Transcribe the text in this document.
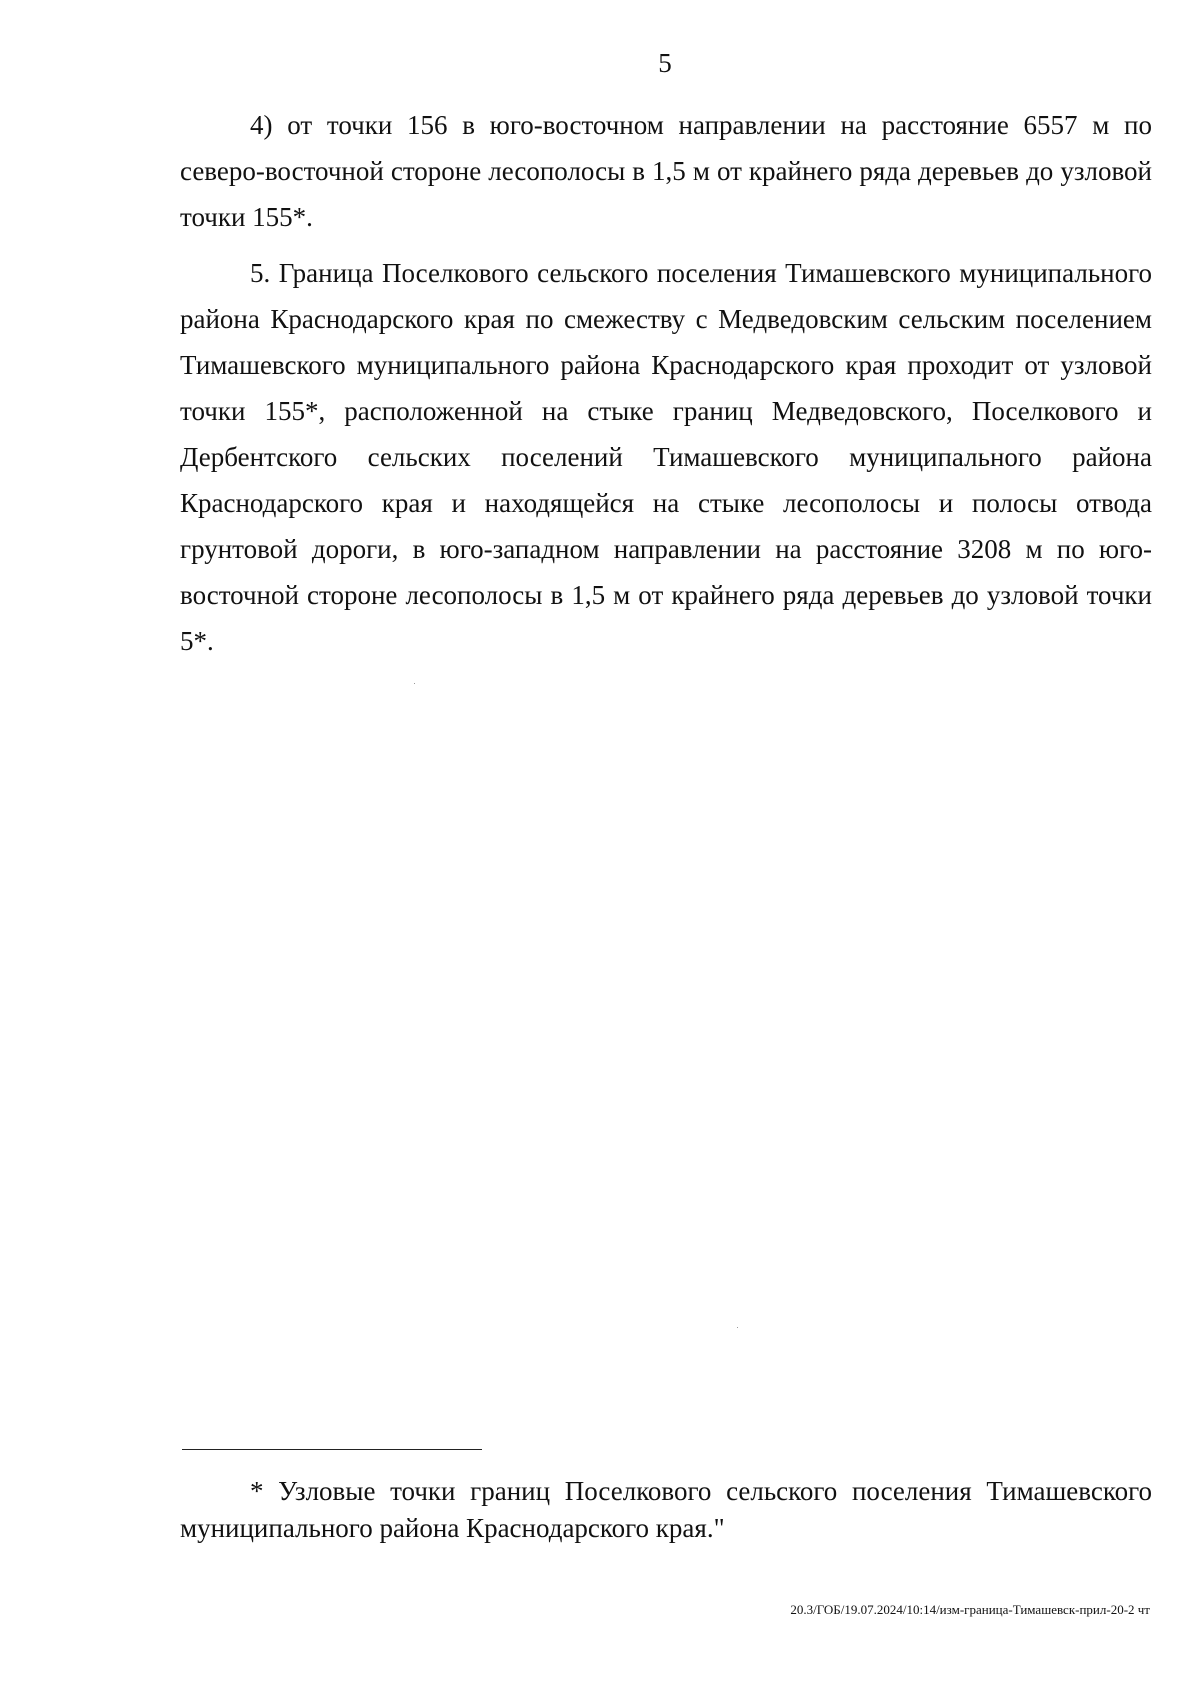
5

4) от точки 156 в юго-восточном направлении на расстояние 6557 м по северо-восточной стороне лесополосы в 1,5 м от крайнего ряда деревьев до узловой точки 155*.

5. Граница Поселкового сельского поселения Тимашевского муниципального района Краснодарского края по смежеству с Медведовским сельским поселением Тимашевского муниципального района Краснодарского края проходит от узловой точки 155*, расположенной на стыке границ Медведовского, Поселкового и Дербентского сельских поселений Тимашевского муниципального района Краснодарского края и находящейся на стыке лесополосы и полосы отвода грунтовой дороги, в юго-западном направлении на расстояние 3208 м по юго-восточной стороне лесополосы в 1,5 м от крайнего ряда деревьев до узловой точки 5*.

* Узловые точки границ Поселкового сельского поселения Тимашевского муниципального района Краснодарского края."

20.3/ГОБ/19.07.2024/10:14/изм-граница-Тимашевск-прил-20-2 чт
